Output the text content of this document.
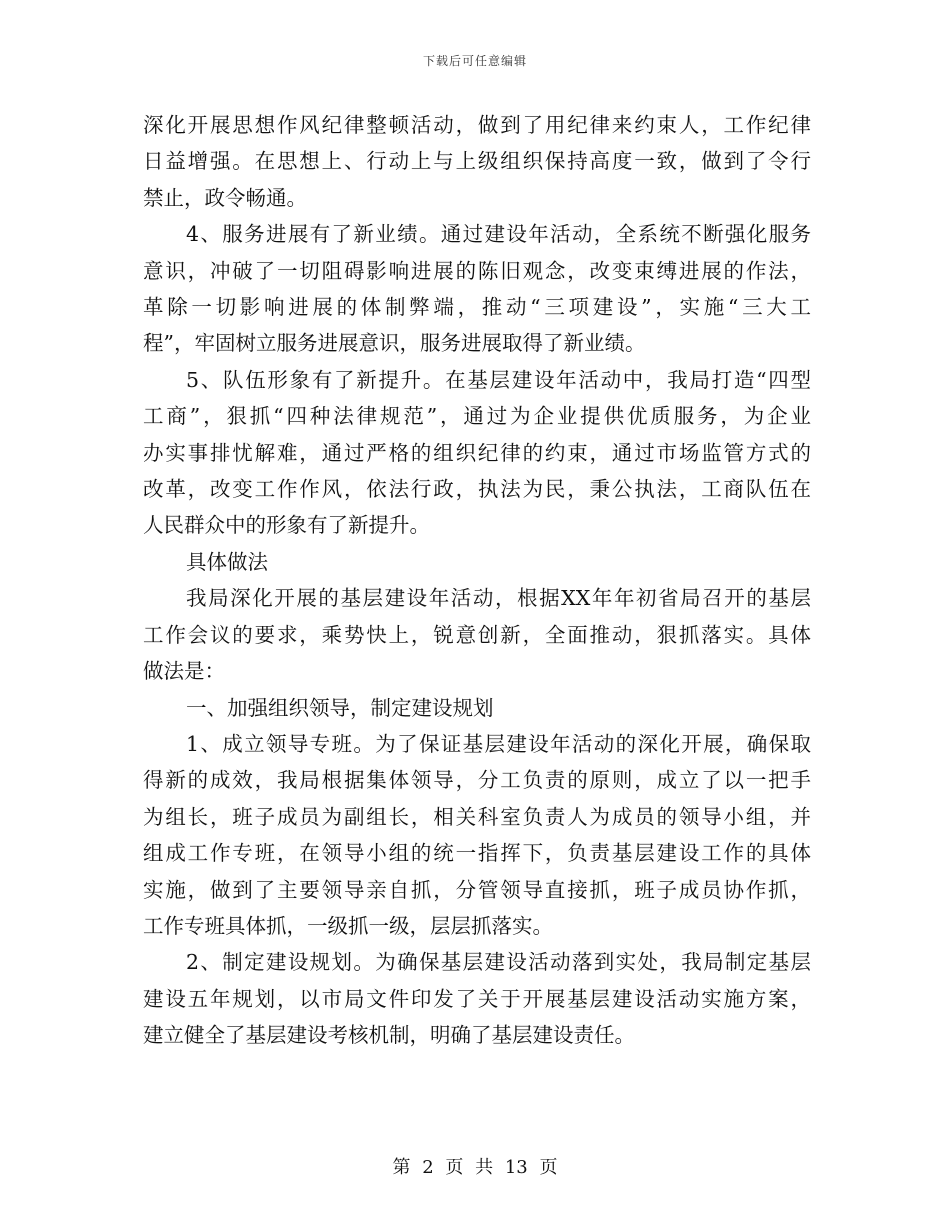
下载后可任意编辑
深化开展思想作风纪律整顿活动，做到了用纪律来约束人，工作纪律
日益增强。在思想上、行动上与上级组织保持高度一致，做到了令行
禁止，政令畅通。
4、服务进展有了新业绩。通过建设年活动，全系统不断强化服务
意识，冲破了一切阻碍影响进展的陈旧观念，改变束缚进展的作法，
革除一切影响进展的体制弊端，推动“三项建设”，实施“三大工
程”，牢固树立服务进展意识，服务进展取得了新业绩。
5、队伍形象有了新提升。在基层建设年活动中，我局打造“四型
工商”，狠抓“四种法律规范”，通过为企业提供优质服务，为企业
办实事排忧解难，通过严格的组织纪律的约束，通过市场监管方式的
改革，改变工作作风，依法行政，执法为民，秉公执法，工商队伍在
人民群众中的形象有了新提升。
具体做法
我局深化开展的基层建设年活动，根据XX年年初省局召开的基层
工作会议的要求，乘势快上，锐意创新，全面推动，狠抓落实。具体
做法是：
一、加强组织领导，制定建设规划
1、成立领导专班。为了保证基层建设年活动的深化开展，确保取
得新的成效，我局根据集体领导，分工负责的原则，成立了以一把手
为组长，班子成员为副组长，相关科室负责人为成员的领导小组，并
组成工作专班，在领导小组的统一指挥下，负责基层建设工作的具体
实施，做到了主要领导亲自抓，分管领导直接抓，班子成员协作抓，
工作专班具体抓，一级抓一级，层层抓落实。
2、制定建设规划。为确保基层建设活动落到实处，我局制定基层
建设五年规划，以市局文件印发了关于开展基层建设活动实施方案，
建立健全了基层建设考核机制，明确了基层建设责任。
第 2 页 共 13 页
